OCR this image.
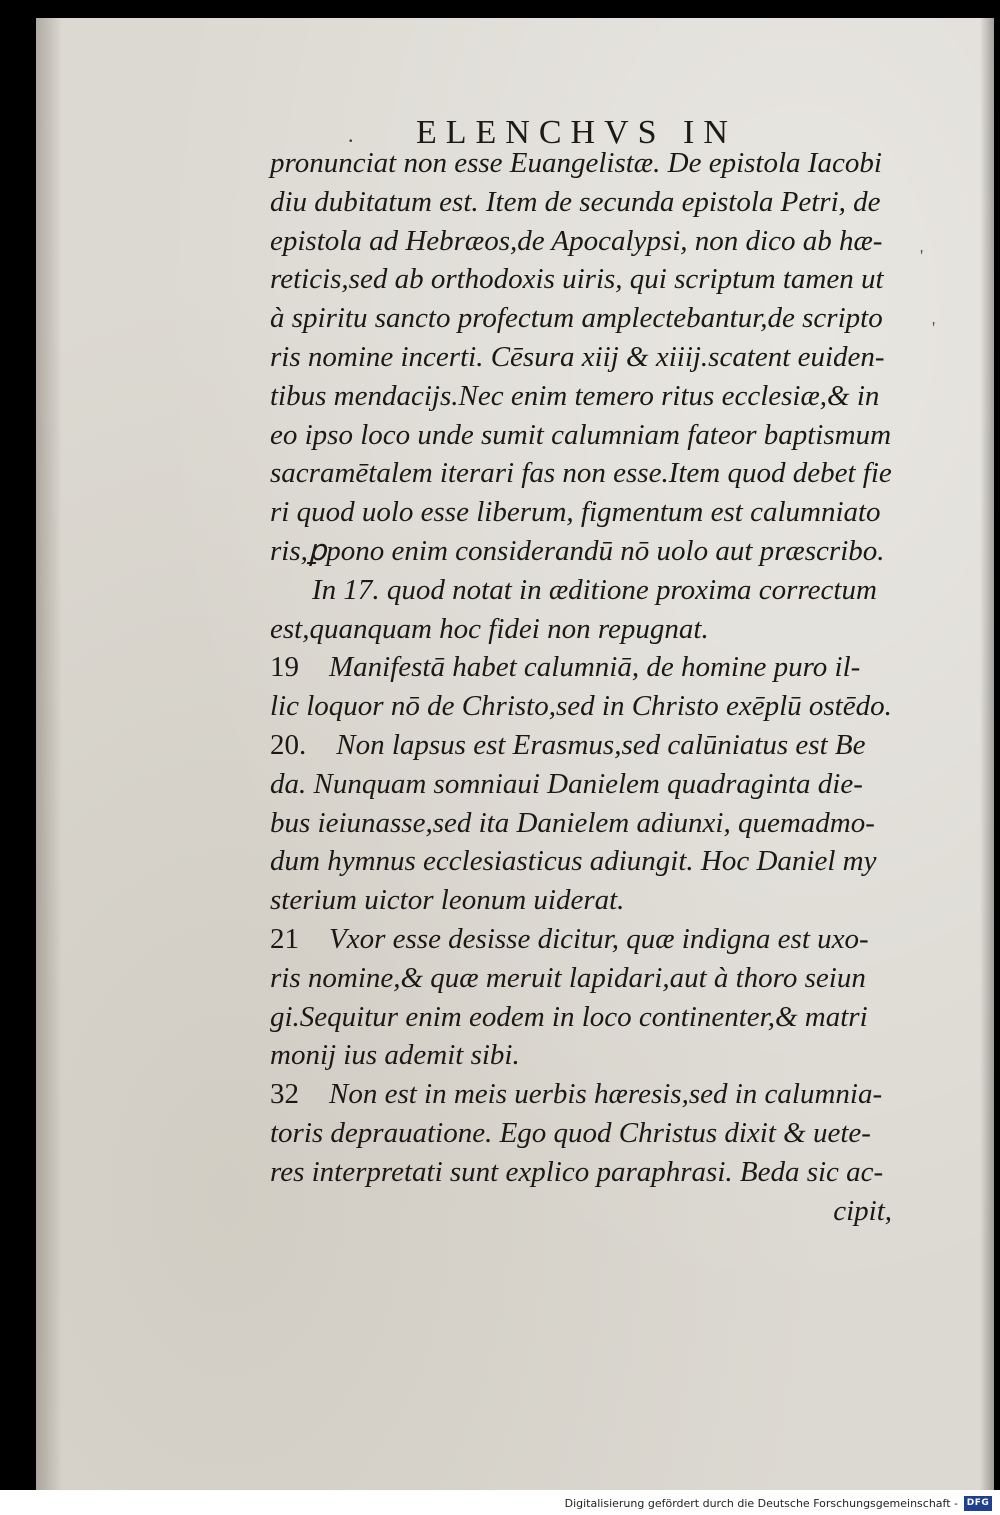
. ELENCHVS IN
'
'
pronunciat non esse Euangelistæ. De epistola Iacobi
diu dubitatum est. Item de secunda epistola Petri, de
epistola ad Hebræos,de Apocalypsi, non dico ab hæ-
reticis,sed ab orthodoxis uiris, qui scriptum tamen ut
à spiritu sancto profectum amplectebantur,de scripto
ris nomine incerti. Cēsura xiij & xiiij.scatent euiden-
tibus mendacijs.Nec enim temero ritus ecclesiæ,& in
eo ipso loco unde sumit calumniam fateor baptismum
sacramētalem iterari fas non esse.Item quod debet fie
ri quod uolo esse liberum, figmentum est calumniato
ris,ꝑpono enim considerandū nō uolo aut præscribo.
In 17. quod notat in æditione proxima correctum
est,quanquam hoc fidei non repugnat.
19 Manifestā habet calumniā, de homine puro il-
lic loquor nō de Christo,sed in Christo exēplū ostēdo.
20. Non lapsus est Erasmus,sed calūniatus est Be
da. Nunquam somniaui Danielem quadraginta die-
bus ieiunasse,sed ita Danielem adiunxi, quemadmo-
dum hymnus ecclesiasticus adiungit. Hoc Daniel my
sterium uictor leonum uiderat.
21 Vxor esse desisse dicitur, quæ indigna est uxo-
ris nomine,& quæ meruit lapidari,aut à thoro seiun
gi.Sequitur enim eodem in loco continenter,& matri
monij ius ademit sibi.
32 Non est in meis uerbis hæresis,sed in calumnia-
toris deprauatione. Ego quod Christus dixit & uete-
res interpretati sunt explico paraphrasi. Beda sic ac-
cipit,
Digitalisierung gefördert durch die Deutsche Forschungsgemeinschaft - DFG
